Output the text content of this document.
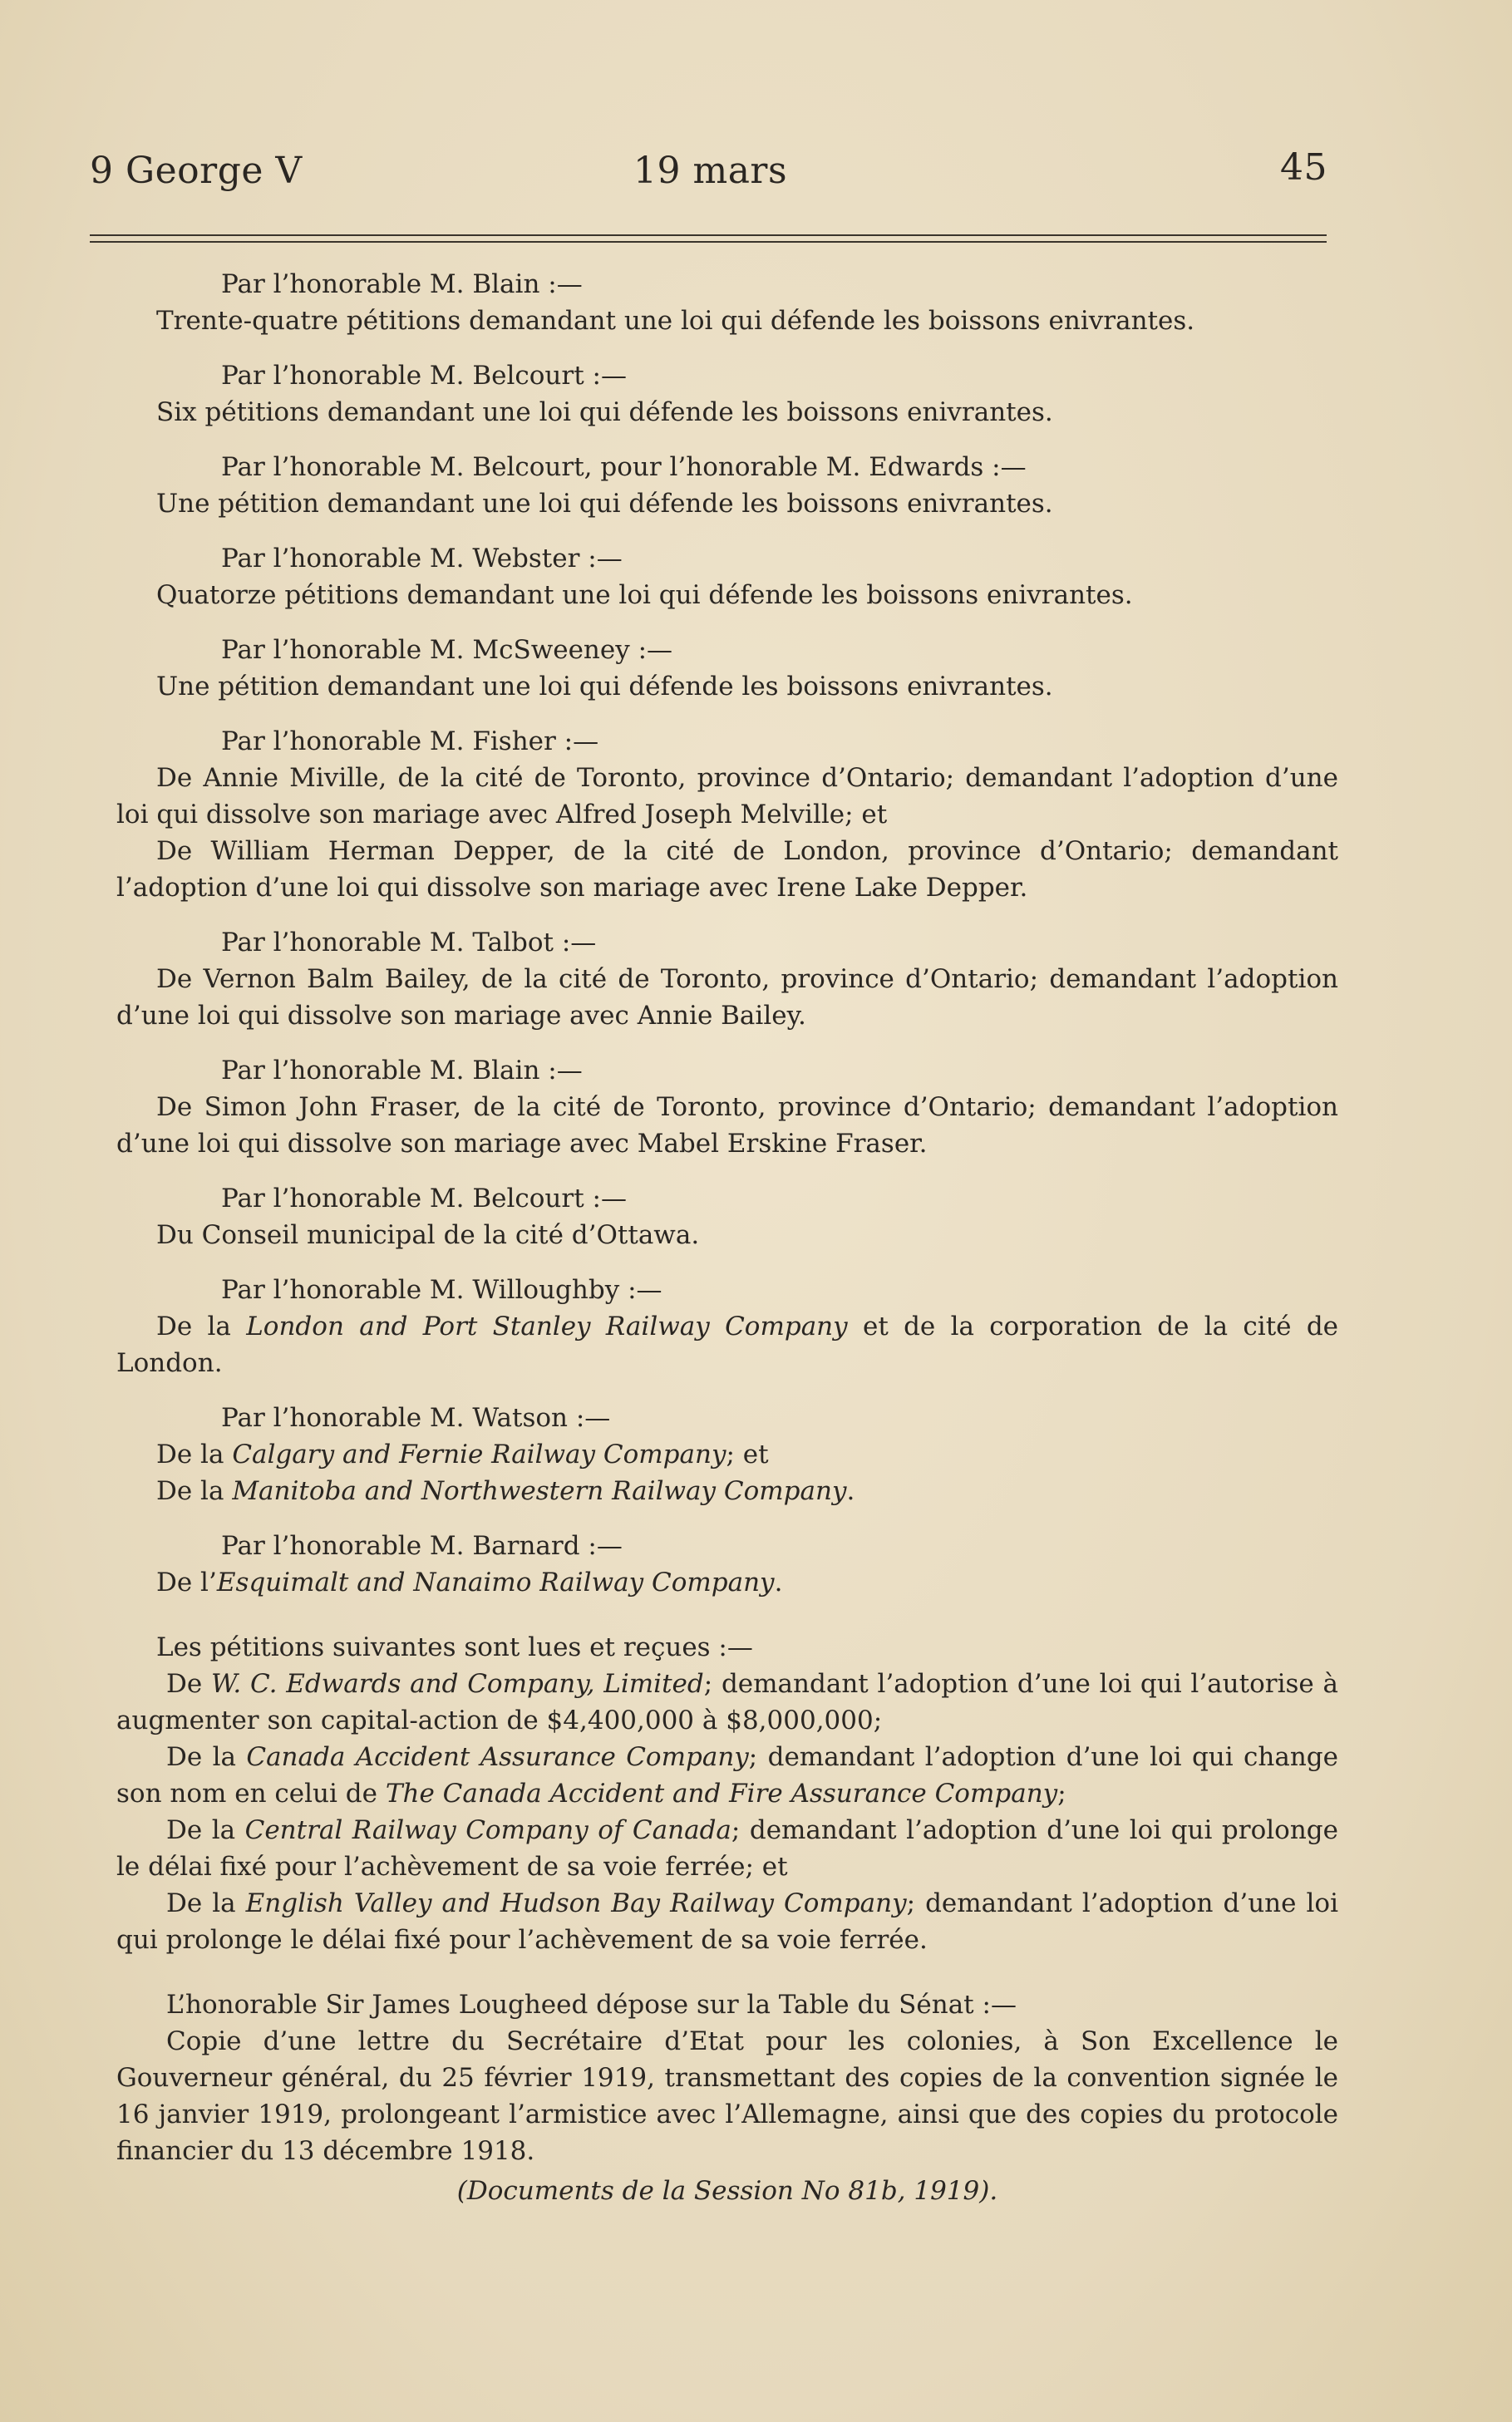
9 George V	19 mars	45
Par l’honorable M. Blain :—
Trente-quatre pétitions demandant une loi qui défende les boissons enivrantes.
Par l’honorable M. Belcourt :—
Six pétitions demandant une loi qui défende les boissons enivrantes.
Par l’honorable M. Belcourt, pour l’honorable M. Edwards :—
Une pétition demandant une loi qui défende les boissons enivrantes.
Par l’honorable M. Webster :—
Quatorze pétitions demandant une loi qui défende les boissons enivrantes.
Par l’honorable M. McSweeney :—
Une pétition demandant une loi qui défende les boissons enivrantes.
Par l’honorable M. Fisher :—
De Annie Miville, de la cité de Toronto, province d’Ontario; demandant l’adoption d’une loi qui dissolve son mariage avec Alfred Joseph Melville; et
De William Herman Depper, de la cité de London, province d’Ontario; demandant l’adoption d’une loi qui dissolve son mariage avec Irene Lake Depper.
Par l’honorable M. Talbot :—
De Vernon Balm Bailey, de la cité de Toronto, province d’Ontario; demandant l’adoption d’une loi qui dissolve son mariage avec Annie Bailey.
Par l’honorable M. Blain :—
De Simon John Fraser, de la cité de Toronto, province d’Ontario; demandant l’adoption d’une loi qui dissolve son mariage avec Mabel Erskine Fraser.
Par l’honorable M. Belcourt :—
Du Conseil municipal de la cité d’Ottawa.
Par l’honorable M. Willoughby :—
De la London and Port Stanley Railway Company et de la corporation de la cité de London.
Par l’honorable M. Watson :—
De la Calgary and Fernie Railway Company; et
De la Manitoba and Northwestern Railway Company.
Par l’honorable M. Barnard :—
De l’Esquimalt and Nanaimo Railway Company.
Les pétitions suivantes sont lues et reçues :—
De W. C. Edwards and Company, Limited; demandant l’adoption d’une loi qui l’autorise à augmenter son capital-action de $4,400,000 à $8,000,000;
De la Canada Accident Assurance Company; demandant l’adoption d’une loi qui change son nom en celui de The Canada Accident and Fire Assurance Company;
De la Central Railway Company of Canada; demandant l’adoption d’une loi qui prolonge le délai fixé pour l’achèvement de sa voie ferrée; et
De la English Valley and Hudson Bay Railway Company; demandant l’adoption d’une loi qui prolonge le délai fixé pour l’achèvement de sa voie ferrée.
L’honorable Sir James Lougheed dépose sur la Table du Sénat :—
Copie d’une lettre du Secrétaire d’Etat pour les colonies, à Son Excellence le Gouverneur général, du 25 février 1919, transmettant des copies de la convention signée le 16 janvier 1919, prolongeant l’armistice avec l’Allemagne, ainsi que des copies du protocole financier du 13 décembre 1918.
(Documents de la Session No 81b, 1919).
